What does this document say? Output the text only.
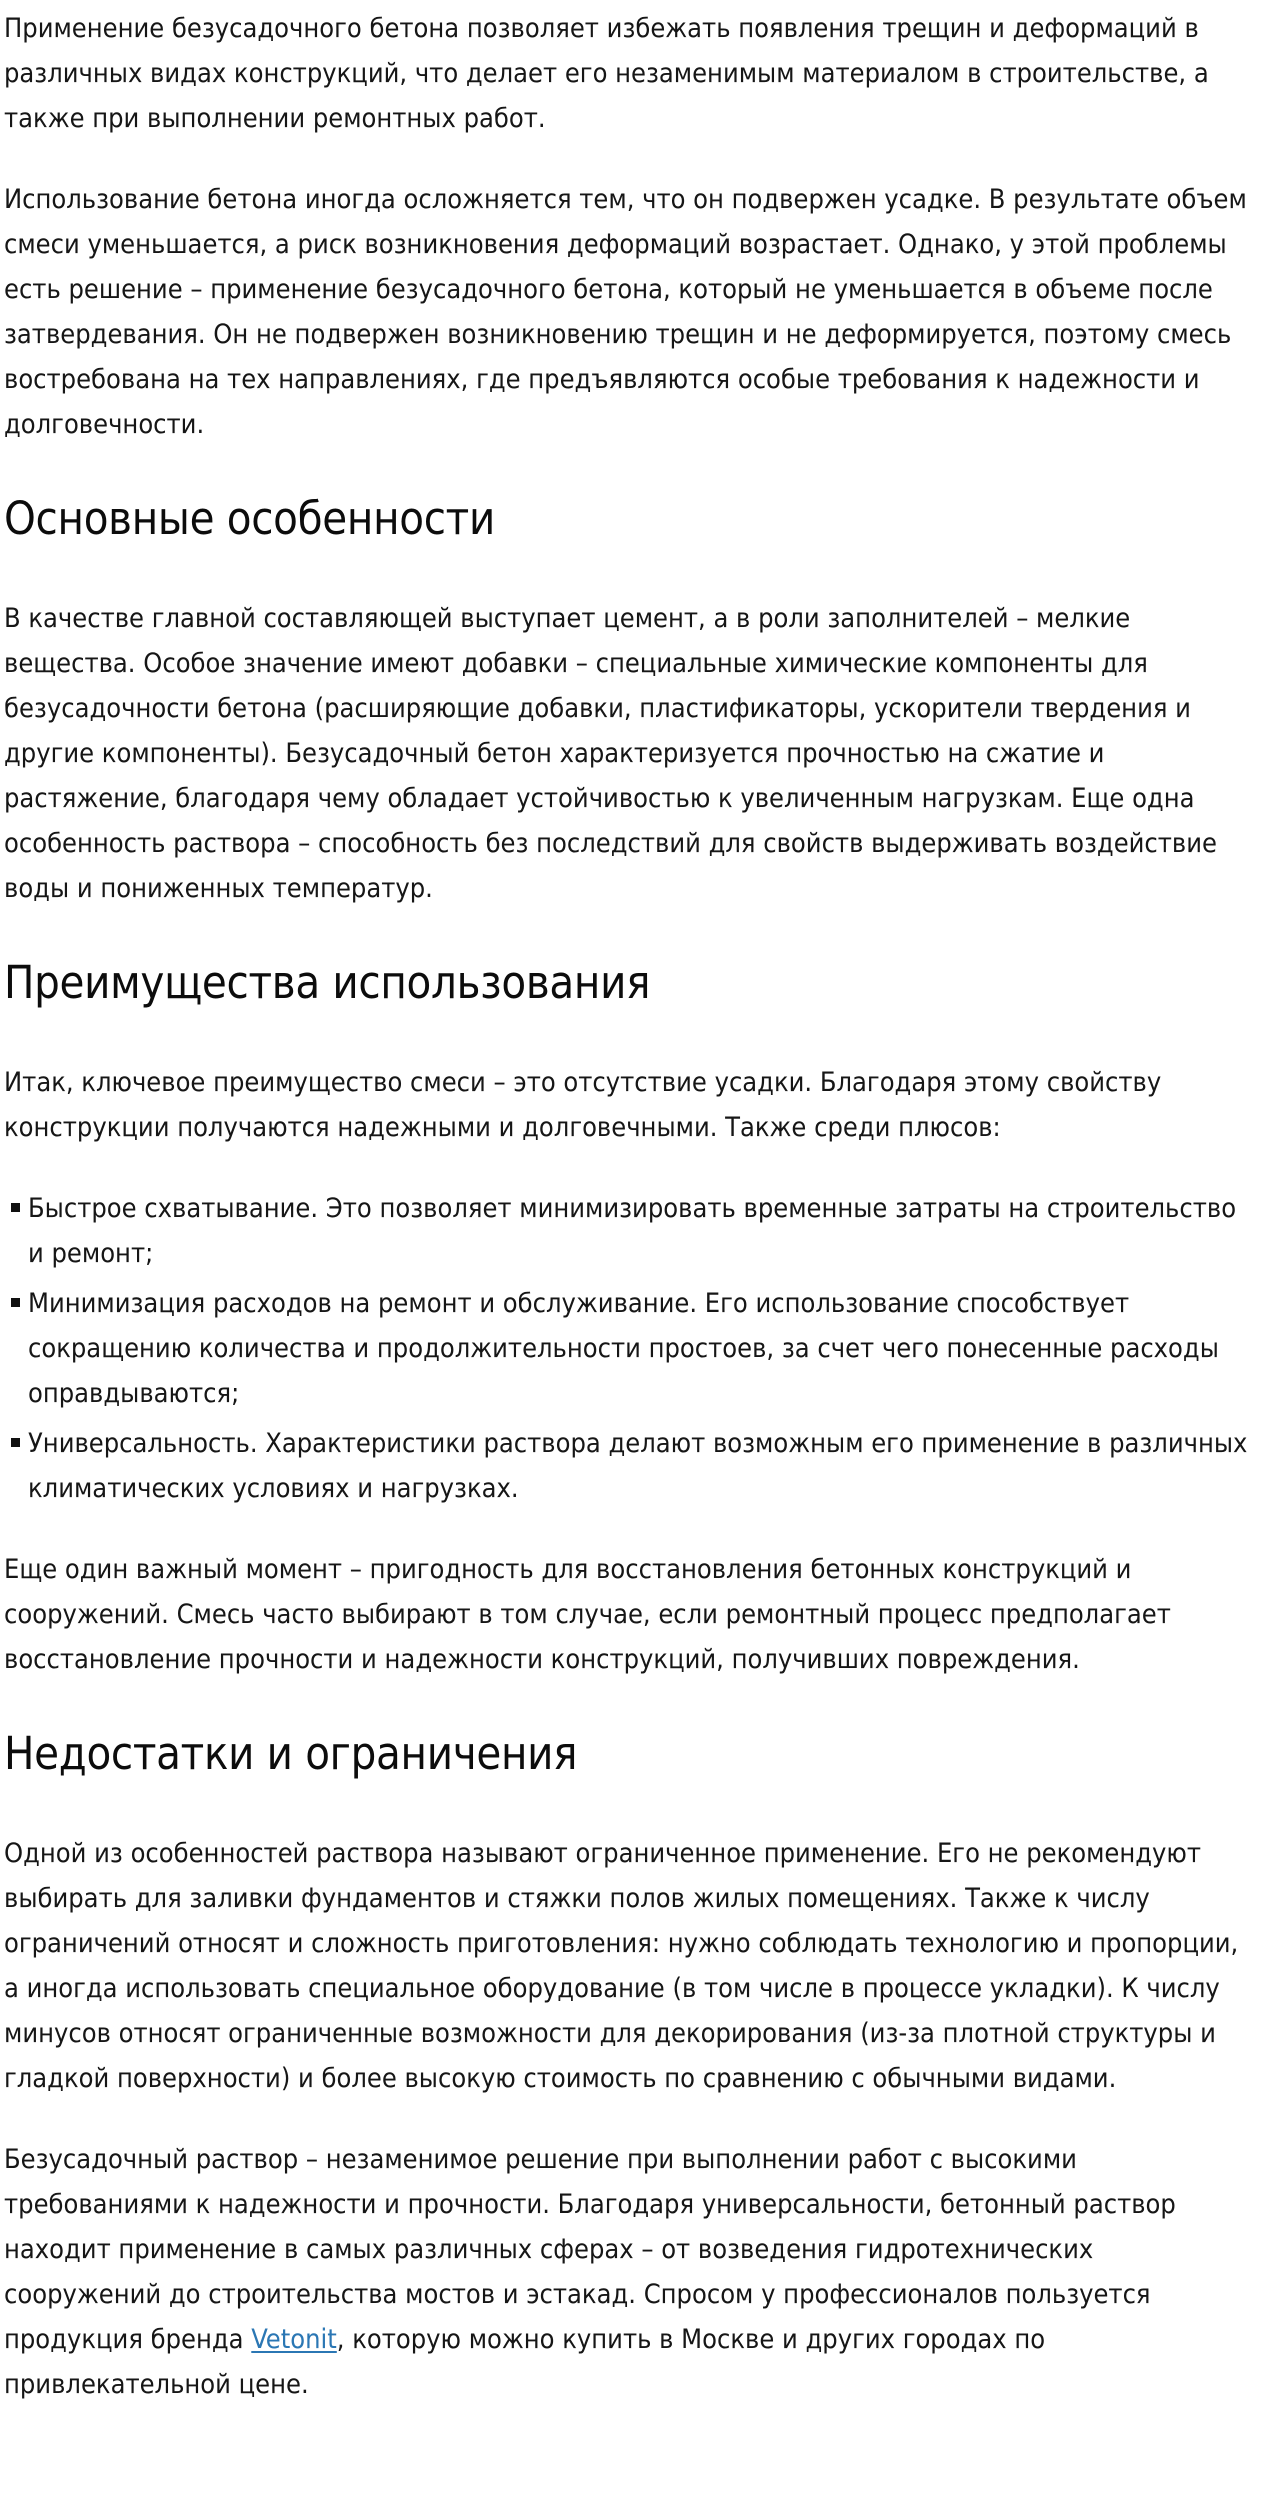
Применение безусадочного бетона позволяет избежать появления трещин и деформаций в различных видах конструкций, что делает его незаменимым материалом в строительстве, а также при выполнении ремонтных работ.

Использование бетона иногда осложняется тем, что он подвержен усадке. В результате объем смеси уменьшается, а риск возникновения деформаций возрастает. Однако, у этой проблемы есть решение – применение безусадочного бетона, который не уменьшается в объеме после затвердевания. Он не подвержен возникновению трещин и не деформируется, поэтому смесь востребована на тех направлениях, где предъявляются особые требования к надежности и долговечности.

Основные особенности

В качестве главной составляющей выступает цемент, а в роли заполнителей – мелкие вещества. Особое значение имеют добавки – специальные химические компоненты для безусадочности бетона (расширяющие добавки, пластификаторы, ускорители твердения и другие компоненты). Безусадочный бетон характеризуется прочностью на сжатие и растяжение, благодаря чему обладает устойчивостью к увеличенным нагрузкам. Еще одна особенность раствора – способность без последствий для свойств выдерживать воздействие воды и пониженных температур.

Преимущества использования

Итак, ключевое преимущество смеси – это отсутствие усадки. Благодаря этому свойству конструкции получаются надежными и долговечными. Также среди плюсов:

Быстрое схватывание. Это позволяет минимизировать временные затраты на строительство и ремонт;
Минимизация расходов на ремонт и обслуживание. Его использование способствует сокращению количества и продолжительности простоев, за счет чего понесенные расходы оправдываются;
Универсальность. Характеристики раствора делают возможным его применение в различных климатических условиях и нагрузках.

Еще один важный момент – пригодность для восстановления бетонных конструкций и сооружений. Смесь часто выбирают в том случае, если ремонтный процесс предполагает восстановление прочности и надежности конструкций, получивших повреждения.

Недостатки и ограничения

Одной из особенностей раствора называют ограниченное применение. Его не рекомендуют выбирать для заливки фундаментов и стяжки полов жилых помещениях. Также к числу ограничений относят и сложность приготовления: нужно соблюдать технологию и пропорции, а иногда использовать специальное оборудование (в том числе в процессе укладки). К числу минусов относят ограниченные возможности для декорирования (из-за плотной структуры и гладкой поверхности) и более высокую стоимость по сравнению с обычными видами.

Безусадочный раствор – незаменимое решение при выполнении работ с высокими требованиями к надежности и прочности. Благодаря универсальности, бетонный раствор находит применение в самых различных сферах – от возведения гидротехнических сооружений до строительства мостов и эстакад. Спросом у профессионалов пользуется продукция бренда Vetonit, которую можно купить в Москве и других городах по привлекательной цене.
